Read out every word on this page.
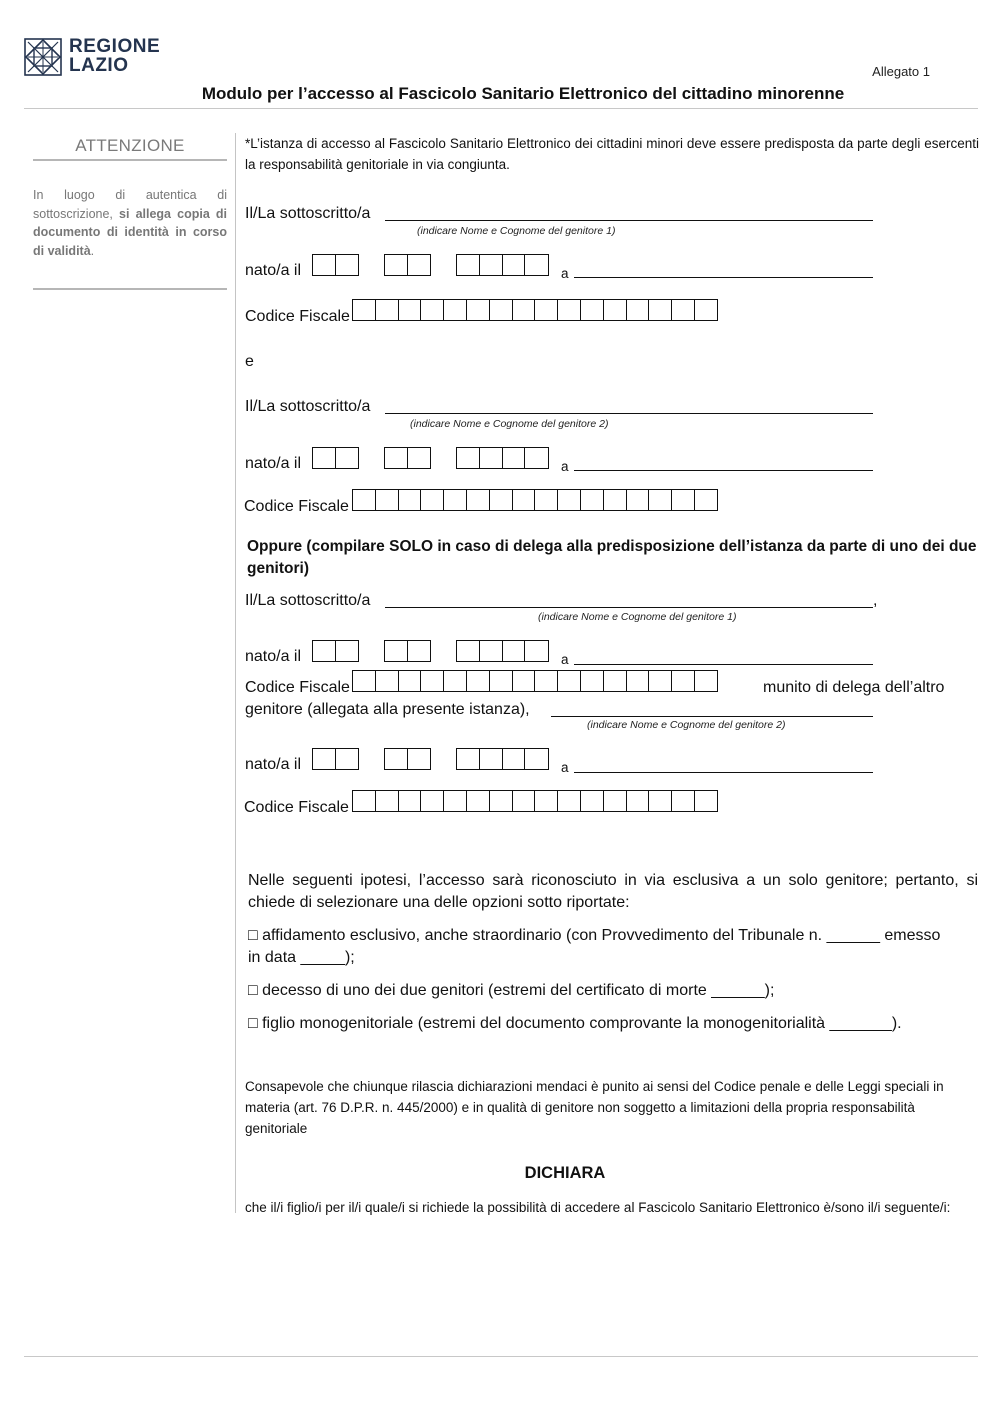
REGIONE
LAZIO	Allegato 1
Modulo per l’accesso al Fascicolo Sanitario Elettronico del cittadino minorenne
ATTENZIONE
In luogo di autentica di sottoscrizione, si allega copia di documento di identità in corso di validità.
*L’istanza di accesso al Fascicolo Sanitario Elettronico dei cittadini minori deve essere predisposta da parte degli esercenti la responsabilità genitoriale in via congiunta.
Il/La sottoscritto/a
(indicare Nome e Cognome del genitore 1)
nato/a il	a
Codice Fiscale
e
Il/La sottoscritto/a
(indicare Nome e Cognome del genitore 2)
nato/a il	a
Codice Fiscale
Oppure (compilare SOLO in caso di delega alla predisposizione dell’istanza da parte di uno dei due genitori)
Il/La sottoscritto/a	,
(indicare Nome e Cognome del genitore 1)
nato/a il	a
Codice Fiscale	munito di delega dell’altro
genitore (allegata alla presente istanza),
(indicare Nome e Cognome del genitore 2)
nato/a il	a
Codice Fiscale
Nelle seguenti ipotesi, l’accesso sarà riconosciuto in via esclusiva a un solo genitore; pertanto, si chiede di selezionare una delle opzioni sotto riportate:
□ affidamento esclusivo, anche straordinario (con Provvedimento del Tribunale n. ______ emesso
in data _____);
□ decesso di uno dei due genitori (estremi del certificato di morte ______);
□ figlio monogenitoriale (estremi del documento comprovante la monogenitorialità _______).
Consapevole che chiunque rilascia dichiarazioni mendaci è punito ai sensi del Codice penale e delle Leggi speciali in materia (art. 76 D.P.R. n. 445/2000) e in qualità di genitore non soggetto a limitazioni della propria responsabilità genitoriale
DICHIARA
che il/i figlio/i per il/i quale/i si richiede la possibilità di accedere al Fascicolo Sanitario Elettronico è/sono il/i seguente/i:
